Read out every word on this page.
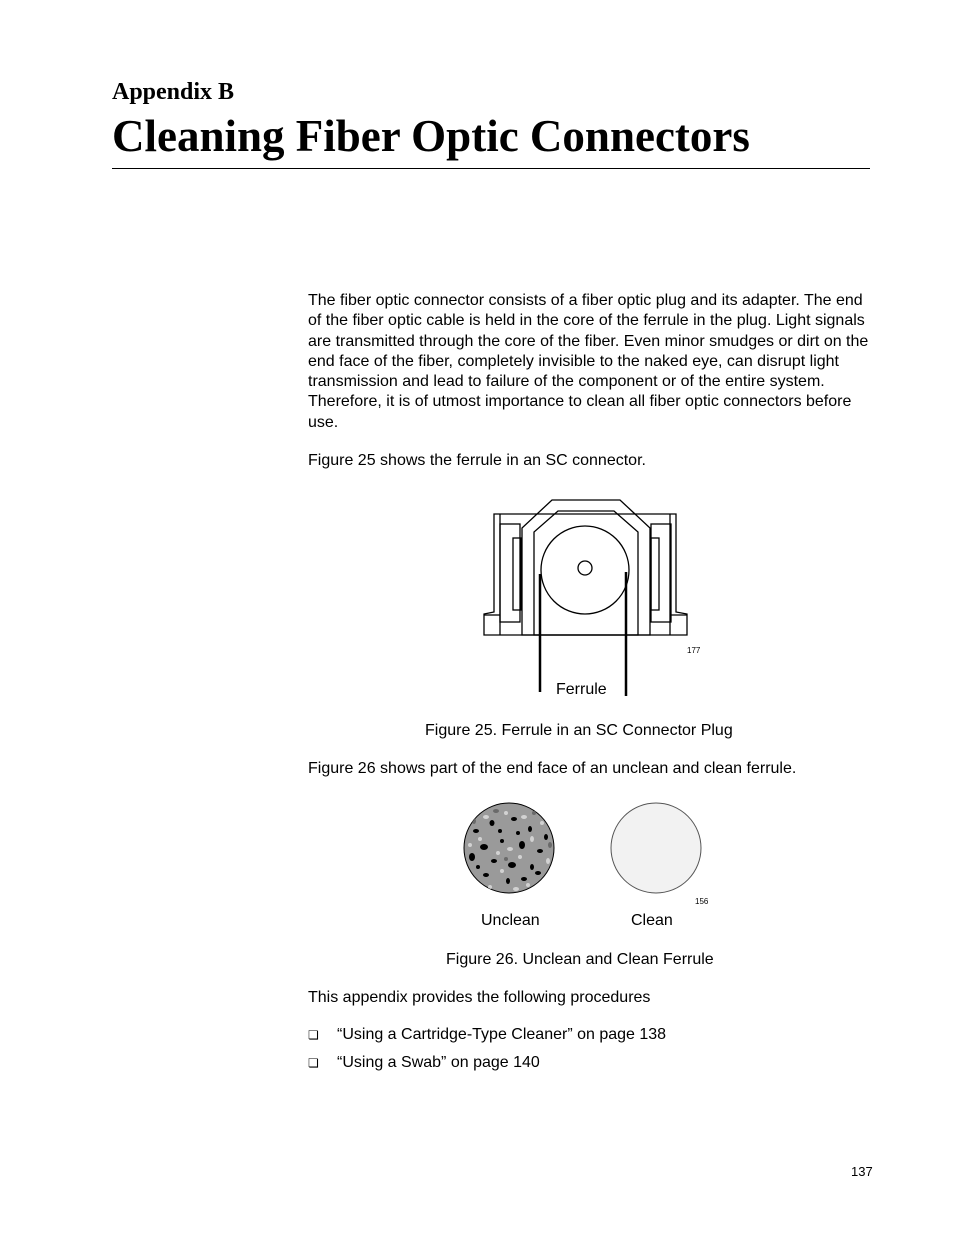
Appendix B
Cleaning Fiber Optic Connectors

The fiber optic connector consists of a fiber optic plug and its adapter. The end of the fiber optic cable is held in the core of the ferrule in the plug. Light signals are transmitted through the core of the fiber. Even minor smudges or dirt on the end face of the fiber, completely invisible to the naked eye, can disrupt light transmission and lead to failure of the component or of the entire system. Therefore, it is of utmost importance to clean all fiber optic connectors before use.

Figure 25 shows the ferrule in an SC connector.

177
Ferrule
Figure 25. Ferrule in an SC Connector Plug

Figure 26 shows part of the end face of an unclean and clean ferrule.

156
Unclean	Clean
Figure 26. Unclean and Clean Ferrule

This appendix provides the following procedures

❏ “Using a Cartridge-Type Cleaner” on page 138
❏ “Using a Swab” on page 140
137
